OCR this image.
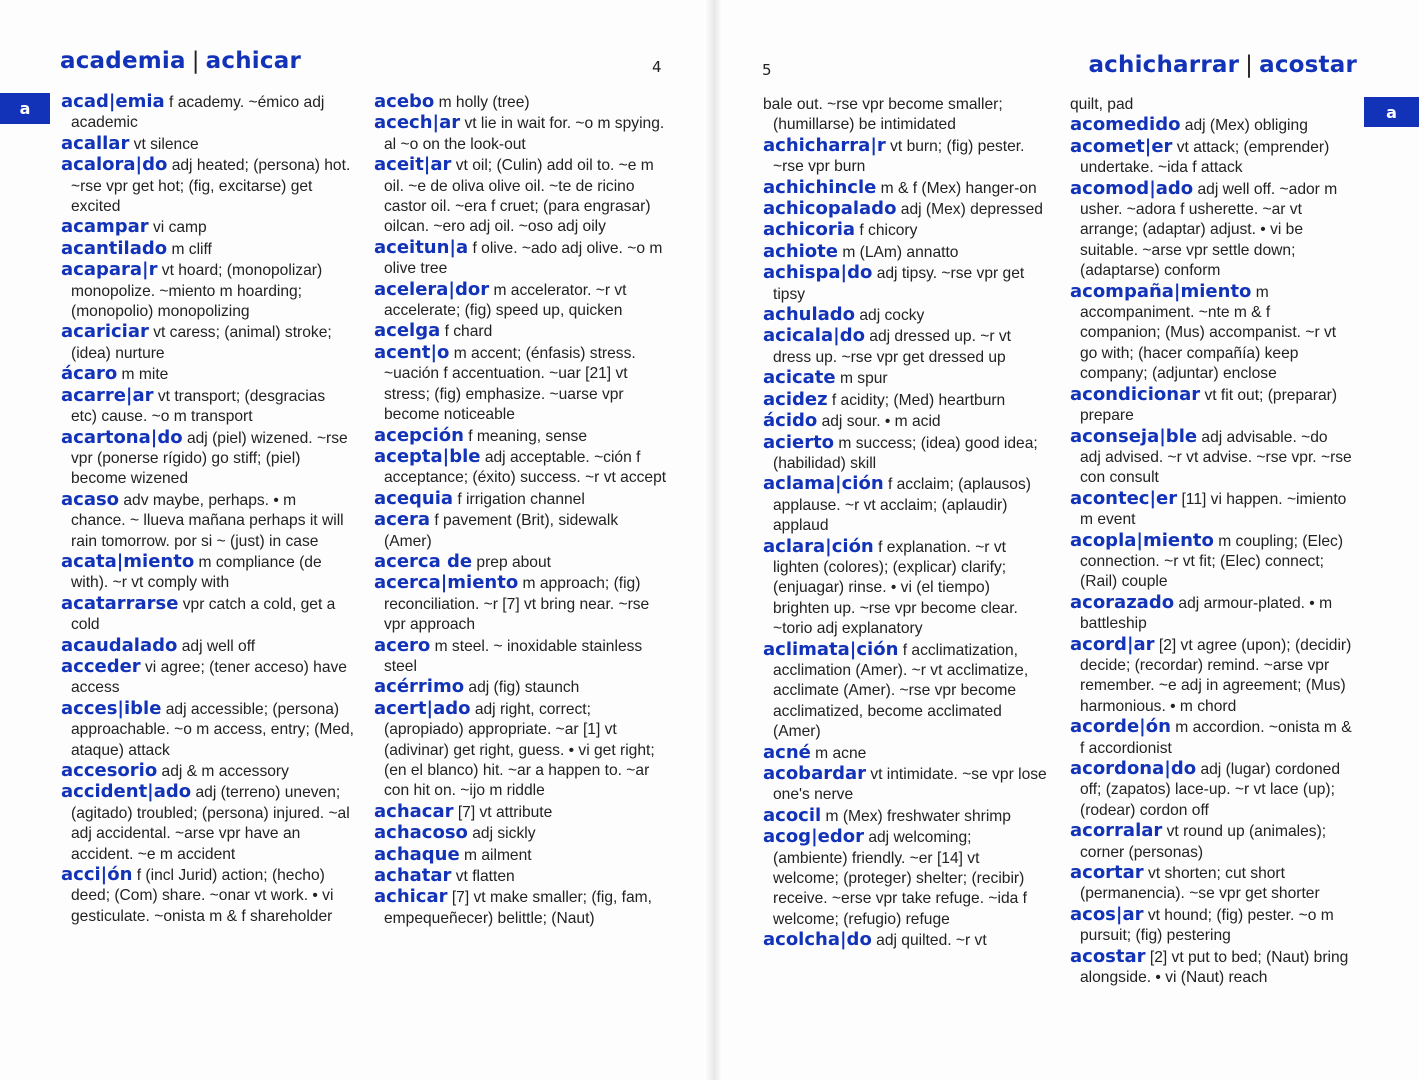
academia | achicar	4
a	acad|emia f academy. ~émico adj academic

acallar vt silence

acalora|do adj heated; (persona) hot. ~rse vpr get hot; (fig, excitarse) get excited

acampar vi camp

acantilado m cliff

acapara|r vt hoard; (monopolizar) monopolize. ~miento m hoarding; (monopolio) monopolizing

acariciar vt caress; (animal) stroke; (idea) nurture

ácaro m mite

acarre|ar vt transport; (desgracias etc) cause. ~o m transport

acartona|do adj (piel) wizened. ~rse vpr (ponerse rígido) go stiff; (piel) become wizened

acaso adv maybe, perhaps. • m chance. ~ llueva mañana perhaps it will rain tomorrow. por si ~ (just) in case

acata|miento m compliance (de with). ~r vt comply with

acatarrarse vpr catch a cold, get a cold

acaudalado adj well off

acceder vi agree; (tener acceso) have access

acces|ible adj accessible; (persona) approachable. ~o m access, entry; (Med, ataque) attack

accesorio adj & m accessory

accident|ado adj (terreno) uneven; (agitado) troubled; (persona) injured. ~al adj accidental. ~arse vpr have an accident. ~e m accident

acci|ón f (incl Jurid) action; (hecho) deed; (Com) share. ~onar vt work. • vi gesticulate. ~onista m & f shareholder

acebo m holly (tree)

acech|ar vt lie in wait for. ~o m spying. al ~o on the look-out

aceit|ar vt oil; (Culin) add oil to. ~e m oil. ~e de oliva olive oil. ~te de ricino castor oil. ~era f cruet; (para engrasar) oilcan. ~ero adj oil. ~oso adj oily

aceitun|a f olive. ~ado adj olive. ~o m olive tree

acelera|dor m accelerator. ~r vt accelerate; (fig) speed up, quicken

acelga f chard

acent|o m accent; (énfasis) stress. ~uación f accentuation. ~uar [21] vt stress; (fig) emphasize. ~uarse vpr become noticeable

acepción f meaning, sense

acepta|ble adj acceptable. ~ción f acceptance; (éxito) success. ~r vt accept

acequia f irrigation channel

acera f pavement (Brit), sidewalk (Amer)

acerca de prep about

acerca|miento m approach; (fig) reconciliation. ~r [7] vt bring near. ~rse vpr approach

acero m steel. ~ inoxidable stainless steel

acérrimo adj (fig) staunch

acert|ado adj right, correct; (apropiado) appropriate. ~ar [1] vt (adivinar) get right, guess. • vi get right; (en el blanco) hit. ~ar a happen to. ~ar con hit on. ~ijo m riddle

achacar [7] vt attribute

achacoso adj sickly

achaque m ailment

achatar vt flatten

achicar [7] vt make smaller; (fig, fam, empequeñecer) belittle; (Naut)

5	achicharrar | acostar
a

bale out. ~rse vpr become smaller; (humillarse) be intimidated

achicharra|r vt burn; (fig) pester. ~rse vpr burn

achichincle m & f (Mex) hanger-on

achicopalado adj (Mex) depressed

achicoria f chicory

achiote m (LAm) annatto

achispa|do adj tipsy. ~rse vpr get tipsy

achulado adj cocky

acicala|do adj dressed up. ~r vt dress up. ~rse vpr get dressed up

acicate m spur

acidez f acidity; (Med) heartburn

ácido adj sour. • m acid

acierto m success; (idea) good idea; (habilidad) skill

aclama|ción f acclaim; (aplausos) applause. ~r vt acclaim; (aplaudir) applaud

aclara|ción f explanation. ~r vt lighten (colores); (explicar) clarify; (enjuagar) rinse. • vi (el tiempo) brighten up. ~rse vpr become clear. ~torio adj explanatory

aclimata|ción f acclimatization, acclimation (Amer). ~r vt acclimatize, acclimate (Amer). ~rse vpr become acclimatized, become acclimated (Amer)

acné m acne

acobardar vt intimidate. ~se vpr lose one's nerve

acocil m (Mex) freshwater shrimp

acog|edor adj welcoming; (ambiente) friendly. ~er [14] vt welcome; (proteger) shelter; (recibir) receive. ~erse vpr take refuge. ~ida f welcome; (refugio) refuge

acolcha|do adj quilted. ~r vt

quilt, pad

acomedido adj (Mex) obliging

acomet|er vt attack; (emprender) undertake. ~ida f attack

acomod|ado adj well off. ~ador m usher. ~adora f usherette. ~ar vt arrange; (adaptar) adjust. • vi be suitable. ~arse vpr settle down; (adaptarse) conform

acompaña|miento m accompaniment. ~nte m & f companion; (Mus) accompanist. ~r vt go with; (hacer compañía) keep company; (adjuntar) enclose

acondicionar vt fit out; (preparar) prepare

aconseja|ble adj advisable. ~do adj advised. ~r vt advise. ~rse vpr. ~rse con consult

acontec|er [11] vi happen. ~imiento m event

acopla|miento m coupling; (Elec) connection. ~r vt fit; (Elec) connect; (Rail) couple

acorazado adj armour-plated. • m battleship

acord|ar [2] vt agree (upon); (decidir) decide; (recordar) remind. ~arse vpr remember. ~e adj in agreement; (Mus) harmonious. • m chord

acorde|ón m accordion. ~onista m & f accordionist

acordona|do adj (lugar) cordoned off; (zapatos) lace-up. ~r vt lace (up); (rodear) cordon off

acorralar vt round up (animales); corner (personas)

acortar vt shorten; cut short (permanencia). ~se vpr get shorter

acos|ar vt hound; (fig) pester. ~o m pursuit; (fig) pestering

acostar [2] vt put to bed; (Naut) bring alongside. • vi (Naut) reach
